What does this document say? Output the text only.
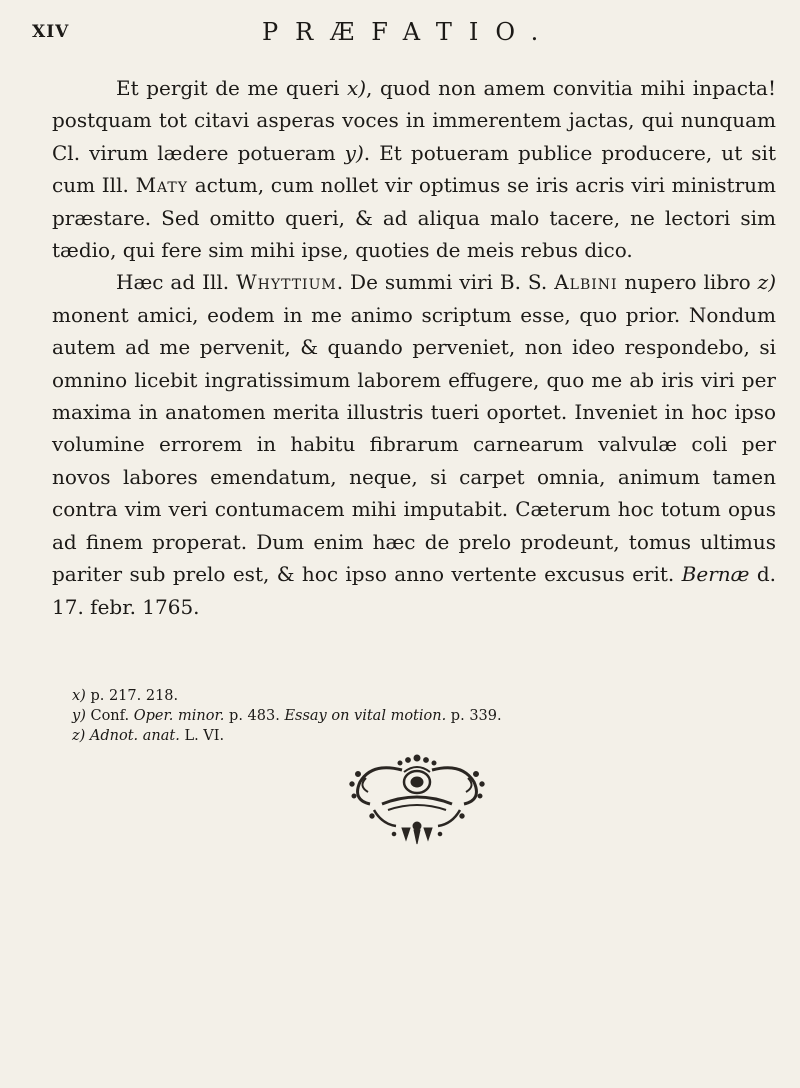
XIV	PRÆFATIO.

Et pergit de me queri x), quod non amem convitia mihi inpacta! postquam tot citavi asperas voces in immerentem jactas, qui nunquam Cl. virum lædere potueram y). Et potueram publice producere, ut sit cum Ill. Maty actum, cum nollet vir optimus se iris acris viri ministrum præstare. Sed omitto queri, & ad aliqua malo tacere, ne lectori sim tædio, qui fere sim mihi ipse, quoties de meis rebus dico.

Hæc ad Ill. Whyttium. De summi viri B. S. Albini nupero libro z) monent amici, eodem in me animo scriptum esse, quo prior. Nondum autem ad me pervenit, & quando perveniet, non ideo respondebo, si omnino licebit ingratissimum laborem effugere, quo me ab iris viri per maxima in anatomen merita illustris tueri oportet. Inveniet in hoc ipso volumine errorem in habitu fibrarum carnearum valvulæ coli per novos labores emendatum, neque, si carpet omnia, animum tamen contra vim veri contumacem mihi imputabit. Cæterum hoc totum opus ad finem properat. Dum enim hæc de prelo prodeunt, tomus ultimus pariter sub prelo est, & hoc ipso anno vertente excusus erit. Bernæ d. 17. febr. 1765.

x) p. 217. 218.
y) Conf. Oper. minor. p. 483. Essay on vital motion. p. 339.
z) Adnot. anat. L. VI.
